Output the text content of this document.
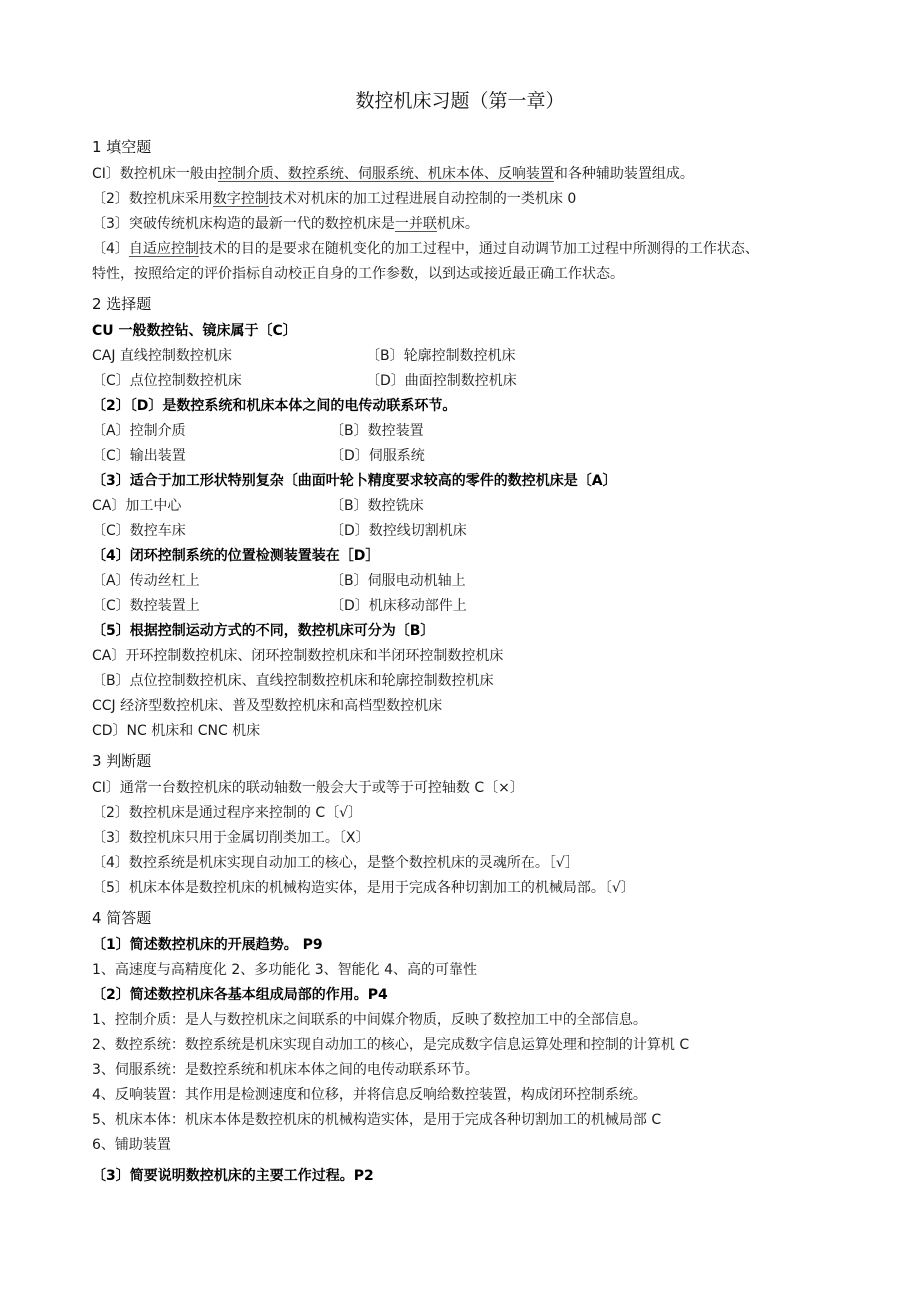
数控机床习题（第一章）
1 填空题
CI〕数控机床一般由控制介质、数控系统、伺服系统、机床本体、反响装置和各种辅助装置组成。
〔2〕数控机床采用数字控制技术对机床的加工过程进展自动控制的一类机床 0
〔3〕突破传统机床构造的最新一代的数控机床是一并联机床。
〔4〕自适应控制技术的目的是要求在随机变化的加工过程中，通过自动调节加工过程中所测得的工作状态、
特性，按照给定的评价指标自动校正自身的工作参数，以到达或接近最正确工作状态。
2 选择题
CU 一般数控钻、镜床属于〔C〕
CAJ 直线控制数控机床	〔B〕轮廓控制数控机床
〔C〕点位控制数控机床	〔D〕曲面控制数控机床
〔2〕〔D〕是数控系统和机床本体之间的电传动联系环节。
〔A〕控制介质	〔B〕数控装置
〔C〕输出装置	〔D〕伺服系统
〔3〕适合于加工形状特别复杂〔曲面叶轮卜精度要求较高的零件的数控机床是〔A〕
CA〕加工中心	〔B〕数控铣床
〔C〕数控车床	〔D〕数控线切割机床
〔4〕闭环控制系统的位置检测装置装在［D］
〔A〕传动丝杠上	〔B〕伺服电动机轴上
〔C〕数控装置上	〔D〕机床移动部件上
〔5〕根据控制运动方式的不同，数控机床可分为〔B〕
CA〕开环控制数控机床、闭环控制数控机床和半闭环控制数控机床
〔B〕点位控制数控机床、直线控制数控机床和轮廓控制数控机床
CCJ 经济型数控机床、普及型数控机床和高档型数控机床
CD〕NC 机床和 CNC 机床
3 判断题
CI〕通常一台数控机床的联动轴数一般会大于或等于可控轴数 C〔×〕
〔2〕数控机床是通过程序来控制的 C〔√〕
〔3〕数控机床只用于金属切削类加工。〔X〕
〔4〕数控系统是机床实现自动加工的核心，是整个数控机床的灵魂所在。［√］
〔5〕机床本体是数控机床的机械构造实体，是用于完成各种切割加工的机械局部。〔√〕
4 简答题
〔1〕简述数控机床的开展趋势。 P9
1、高速度与高精度化 2、多功能化 3、智能化 4、高的可靠性
〔2〕简述数控机床各基本组成局部的作用。P4
1、控制介质：是人与数控机床之间联系的中间媒介物质，反映了数控加工中的全部信息。
2、数控系统：数控系统是机床实现自动加工的核心，是完成数字信息运算处理和控制的计算机 C
3、伺服系统：是数控系统和机床本体之间的电传动联系环节。
4、反响装置：其作用是检测速度和位移，并将信息反响给数控装置，构成闭环控制系统。
5、机床本体：机床本体是数控机床的机械构造实体，是用于完成各种切割加工的机械局部 C
6、铺助装置
〔3〕简要说明数控机床的主要工作过程。P2
